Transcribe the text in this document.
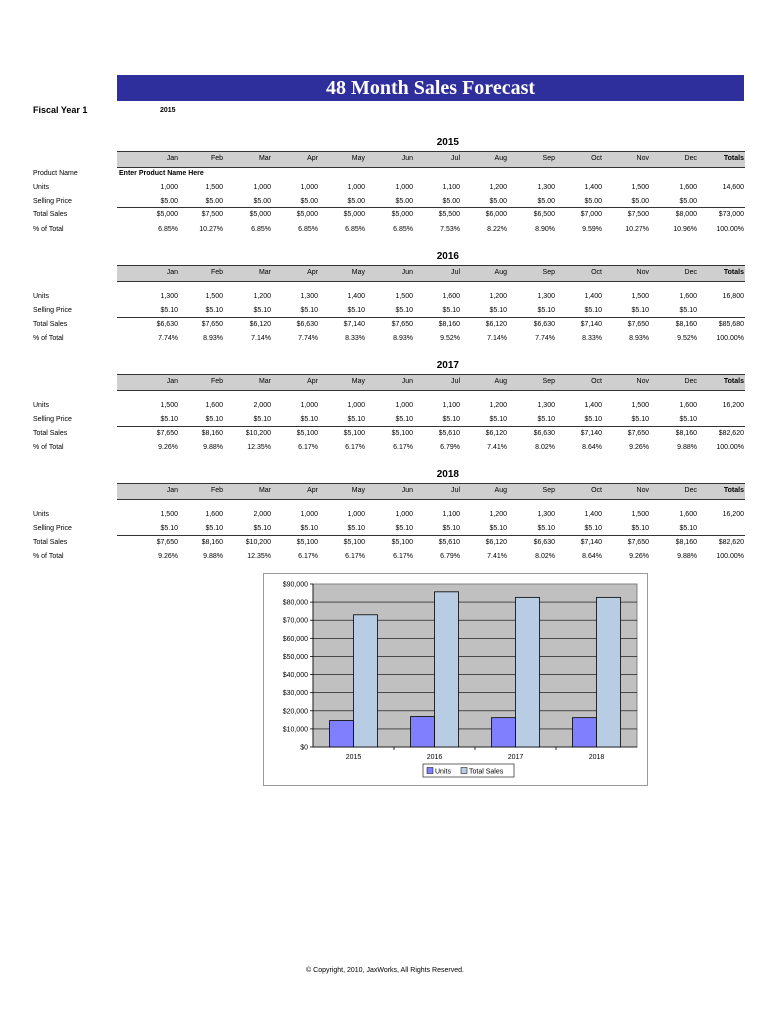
48 Month Sales Forecast
Fiscal Year 1	2015
2015
Jan	Feb	Mar	Apr	May	Jun	Jul	Aug	Sep	Oct	Nov	Dec	Totals
Product Name	Enter Product Name Here
Units	1,000	1,500	1,000	1,000	1,000	1,000	1,100	1,200	1,300	1,400	1,500	1,600	14,600
Selling Price	$5.00	$5.00	$5.00	$5.00	$5.00	$5.00	$5.00	$5.00	$5.00	$5.00	$5.00	$5.00
Total Sales	$5,000	$7,500	$5,000	$5,000	$5,000	$5,000	$5,500	$6,000	$6,500	$7,000	$7,500	$8,000	$73,000
% of Total	6.85%	10.27%	6.85%	6.85%	6.85%	6.85%	7.53%	8.22%	8.90%	9.59%	10.27%	10.96%	100.00%
2016
Jan	Feb	Mar	Apr	May	Jun	Jul	Aug	Sep	Oct	Nov	Dec	Totals
Units	1,300	1,500	1,200	1,300	1,400	1,500	1,600	1,200	1,300	1,400	1,500	1,600	16,800
Selling Price	$5.10	$5.10	$5.10	$5.10	$5.10	$5.10	$5.10	$5.10	$5.10	$5.10	$5.10	$5.10
Total Sales	$6,630	$7,650	$6,120	$6,630	$7,140	$7,650	$8,160	$6,120	$6,630	$7,140	$7,650	$8,160	$85,680
% of Total	7.74%	8.93%	7.14%	7.74%	8.33%	8.93%	9.52%	7.14%	7.74%	8.33%	8.93%	9.52%	100.00%
2017
Jan	Feb	Mar	Apr	May	Jun	Jul	Aug	Sep	Oct	Nov	Dec	Totals
Units	1,500	1,600	2,000	1,000	1,000	1,000	1,100	1,200	1,300	1,400	1,500	1,600	16,200
Selling Price	$5.10	$5.10	$5.10	$5.10	$5.10	$5.10	$5.10	$5.10	$5.10	$5.10	$5.10	$5.10
Total Sales	$7,650	$8,160	$10,200	$5,100	$5,100	$5,100	$5,610	$6,120	$6,630	$7,140	$7,650	$8,160	$82,620
% of Total	9.26%	9.88%	12.35%	6.17%	6.17%	6.17%	6.79%	7.41%	8.02%	8.64%	9.26%	9.88%	100.00%
2018
Jan	Feb	Mar	Apr	May	Jun	Jul	Aug	Sep	Oct	Nov	Dec	Totals
Units	1,500	1,600	2,000	1,000	1,000	1,000	1,100	1,200	1,300	1,400	1,500	1,600	16,200
Selling Price	$5.10	$5.10	$5.10	$5.10	$5.10	$5.10	$5.10	$5.10	$5.10	$5.10	$5.10	$5.10
Total Sales	$7,650	$8,160	$10,200	$5,100	$5,100	$5,100	$5,610	$6,120	$6,630	$7,140	$7,650	$8,160	$82,620
% of Total	9.26%	9.88%	12.35%	6.17%	6.17%	6.17%	6.79%	7.41%	8.02%	8.64%	9.26%	9.88%	100.00%
$0
$10,000
$20,000
$30,000
$40,000
$50,000
$60,000
$70,000
$80,000
$90,000
2015	2016	2017	2018
Units	Total Sales
© Copyright, 2010, JaxWorks, All Rights Reserved.
